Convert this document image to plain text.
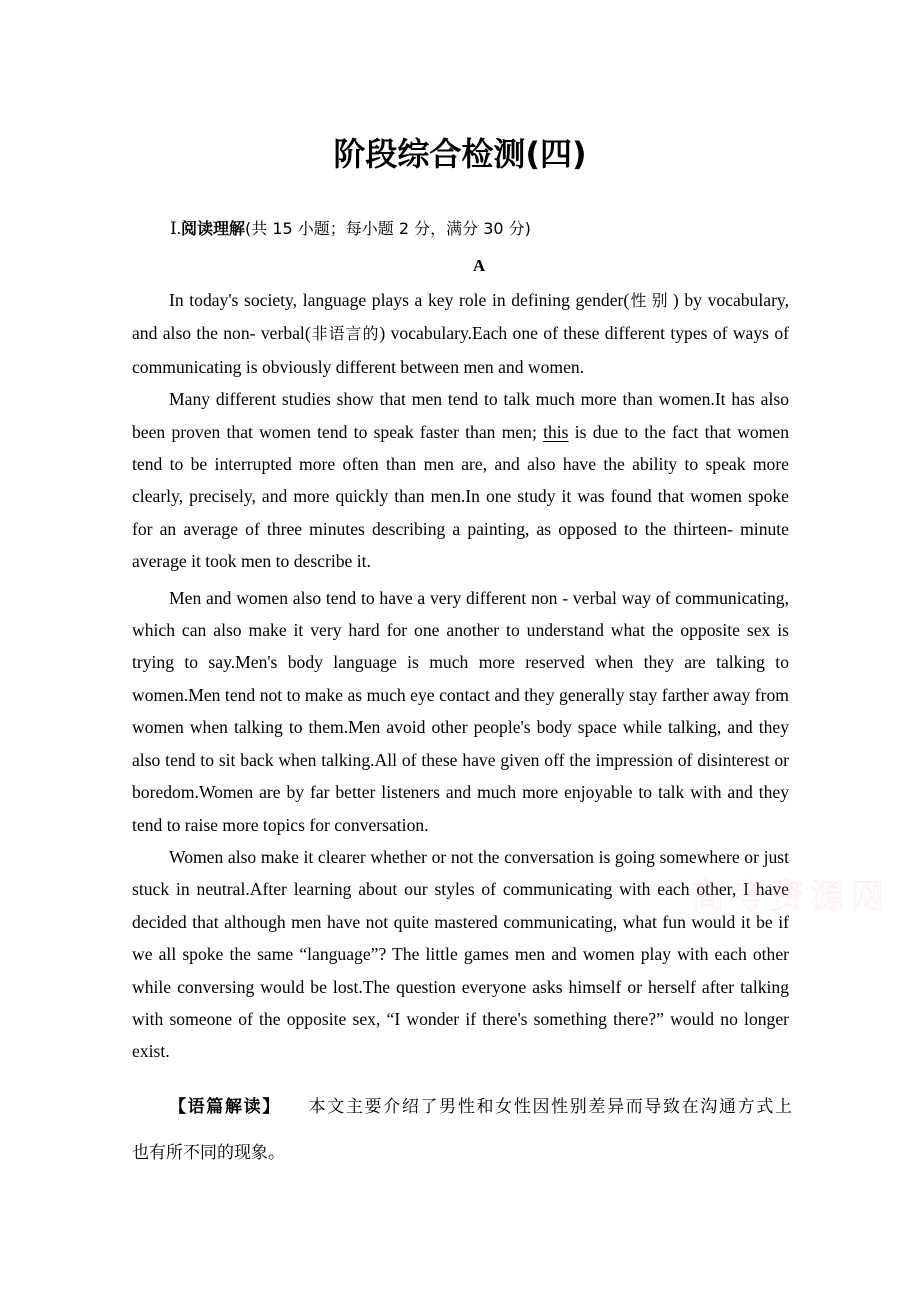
阶段综合检测(四)
Ⅰ.阅读理解(共 15 小题；每小题 2 分，满分 30 分)
A

In today's society, language plays a key role in defining gender(性别) by vocabulary, and also the non- verbal(非语言的) vocabulary.Each one of these different types of ways of communicating is obviously different between men and women.

Many different studies show that men tend to talk much more than women.It has also been proven that women tend to speak faster than men; this is due to the fact that women tend to be interrupted more often than men are, and also have the ability to speak more clearly, precisely, and more quickly than men.In one study it was found that women spoke for an average of three minutes describing a painting, as opposed to the thirteen- minute average it took men to describe it.

Men and women also tend to have a very different non - verbal way of communicating, which can also make it very hard for one another to understand what the opposite sex is trying to say.Men's body language is much more reserved when they are talking to women.Men tend not to make as much eye contact and they generally stay farther away from women when talking to them.Men avoid other people's body space while talking, and they also tend to sit back when talking.All of these have given off the impression of disinterest or boredom.Women are by far better listeners and much more enjoyable to talk with and they tend to raise more topics for conversation.

Women also make it clearer whether or not the conversation is going somewhere or just stuck in neutral.After learning about our styles of communicating with each other, I have decided that although men have not quite mastered communicating, what fun would it be if we all spoke the same “language”? The little games men and women play with each other while conversing would be lost.The question everyone asks himself or herself after talking with someone of the opposite sex, “I wonder if there's something there?” would no longer exist.

【语篇解读】 本文主要介绍了男性和女性因性别差异而导致在沟通方式上
也有所不同的现象。
高考资源网
